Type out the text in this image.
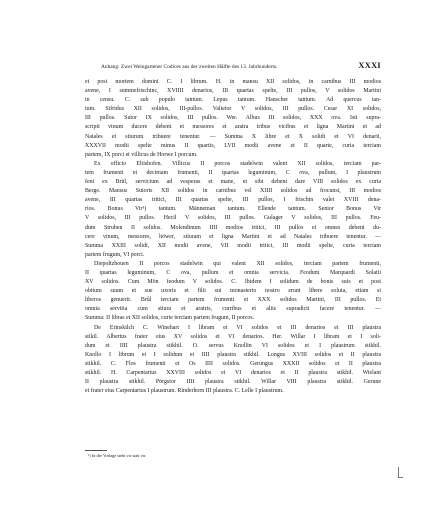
Anhang: Zwei Weingartener Codices aus der zweiten Hälfte des 13. Jahrhunderts.	XXXI
et post mortem domini C. I librum. H. in mansu XII solidos, in carnibus III modios
avene, I summefrischinc, XVIIII denarios, III quartas spelte, III pullos, V solidos Martini
in censu. C. sub populo tantum. Lepus tantum. Hanscher tantum. Ad quercus tan-
tum. Sifridus XII solidos, III-pullos. Valtetor V solidos, III pullos. Cesar XI solidos,
III pullos. Sutor IX solidos, III pullos. Wer. Albus III solidos, XXX ova. Isti supra-
scripti vinum ducere debent et messores et aratra tribus vicibus et ligna Martini et ad
Natales et stiurum tribuere tenentur. — Summa X libre et X solidi et VI denarii,
XXXVII modii spelte minus II quartis, LVII modii avene et II quarte, curia terciam
partem, IX porci et villicus de Horwe I porcum.
Ex officio Eltishofen. Villicus II porcos stadelwin valent XII solidos, terciam par-
tem frumenti et decimam frumenti, II quartas leguminum, C ova, pullum, I plaustrum
feni ex Brül, servicium ad vesperas et mane, et sibi debent dare VIII solidos ex curia
Berge. Mansus Sutoris XII solidos in carnibus vel XIIII solidos ad frocunst, III modios
avene, III quartas tritici, III quartas spelte, III pullos, I frischin valet XVIII dena-
rios. Bonus Vir¹) tantum. Männeman tantum. Ellende tantum. Senior Bonus Vir
V solidos, III pullos. Hecil V solidos, III pullos. Gulager V solidos, III pullos. Feu-
dum Struben II solidos. Molendinum IIII modios tritici, III pullos et omnes debent du-
cere vinum, messores, höwer, stiuram et ligna Martini et ad Natales tribuere tenentur. —
Summa XXIII solidi, XII modii avene, VII modii tritici, III modii spelte, curia terciam
partem frugum, VI porci.
Diepoltzhouen II porcos stadelwin qui valent XII solidos, terciam partem frumenti,
II quartas leguminum, C ova, pullum et omnia servicia. Feodum Marquardi Solatii
XV solidos. Cum Mön feodum V solidos. C. Ibidem I solidum de bonis suis et post
obitum suum et sue uxoris et filii sui monasterio nostro erunt libere soluta, etiam si
liberos genuerit. Brûl terciam partem frumenti et XXX solidos Martini, III pullos. Et
omnia servitia cum stiura et aratris, curribus et aliis supradicti facere tenentur. —
Summa: II libras et XII solidos, curie terciam partem frugum, II porcos.
De Erinskilch C. Winehart I libram et VI solidos et III denarios et III plaustra
stikil. Albertus frater eius XV solidos et VI denarios. Her. Willar I libram et I soli-
dum et IIII plaustra stikhil. O. servus Knollin VI solidos et I plaustrum stikhil.
Knollo I librum et I solidum et IIII plaustra stikhil. Longus XVIII solidos et II plaustra
stikhil. C. Flos frumenti et Os IIII solidos. Gerungus XXXII solidos et II plaustra
stikhil. H. Carpentarius XXVIII solidos et VI denarios et II plaustra stikhil. Wielant
II plaustra stikhil. Pörgstor IIII plaustra stikhil. Willar VIII plaustra stikhil. Gerune
et frater eius Carpentarius I plaustrum. Rinderhorn III plaustra. C. Lelle I plaustrum.
¹) In der Vorlage steht vir statt vir.
